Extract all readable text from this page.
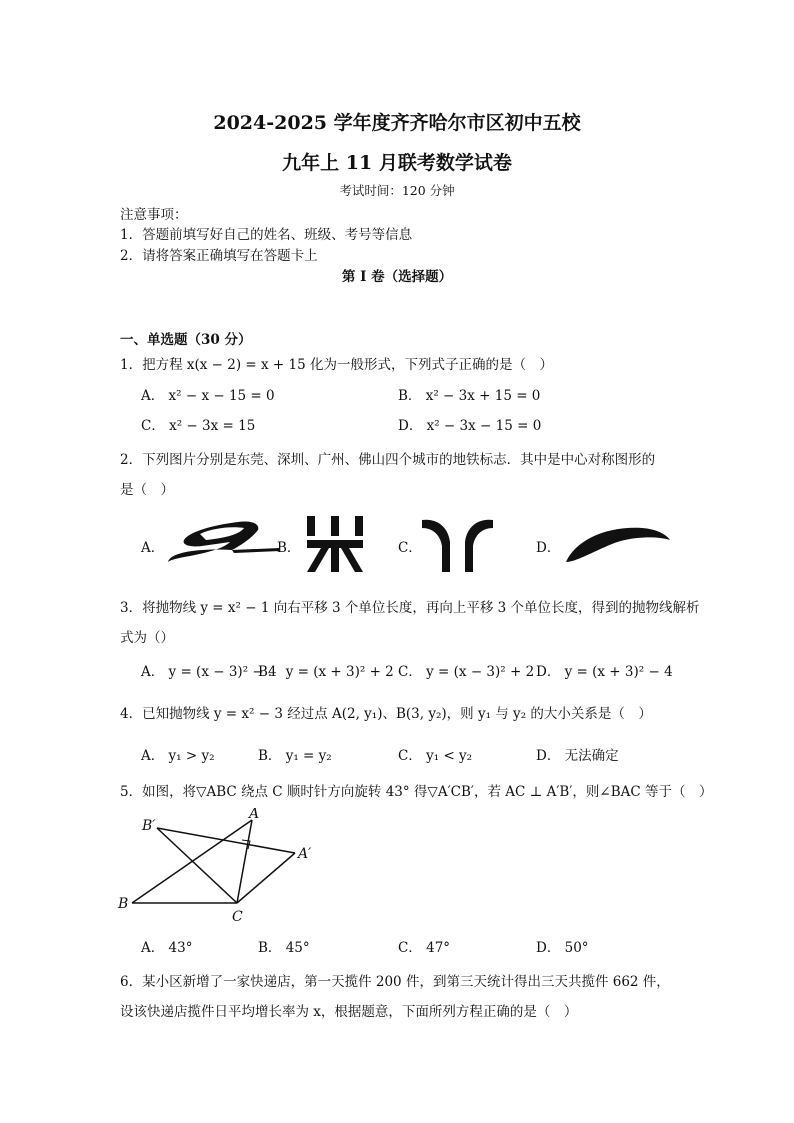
2024-2025 学年度齐齐哈尔市区初中五校
九年上 11 月联考数学试卷
考试时间：120 分钟
注意事项：
1．答题前填写好自己的姓名、班级、考号等信息
2．请将答案正确填写在答题卡上
第 I 卷（选择题）
一、单选题（30 分）
1．把方程 x(x − 2) = x + 15 化为一般形式，下列式子正确的是（　）
A． x² − x − 15 = 0	B． x² − 3x + 15 = 0
C． x² − 3x = 15	D． x² − 3x − 15 = 0
2．下列图片分别是东莞、深圳、广州、佛山四个城市的地铁标志．其中是中心对称图形的
是（　）
A．	B．	C．	D．
3．将抛物线 y = x² − 1 向右平移 3 个单位长度，再向上平移 3 个单位长度，得到的抛物线解析
式为（）
A． y = (x − 3)² − 4
B． y = (x + 3)² + 2 C． y = (x − 3)² + 2 D． y = (x + 3)² − 4
4．已知抛物线 y = x² − 3 经过点 A(2, y₁)、B(3, y₂)，则 y₁ 与 y₂ 的大小关系是（　）
A． y₁ > y₂	B． y₁ = y₂	C． y₁ < y₂	D． 无法确定
5．如图，将▽ABC 绕点 C 顺时针方向旋转 43° 得▽A′CB′，若 AC ⊥ A′B′，则∠BAC 等于（　）
B′
A
A′
B
C
A． 43°	B． 45°	C． 47°	D． 50°
6．某小区新增了一家快递店，第一天揽件 200 件，到第三天统计得出三天共揽件 662 件，
设该快递店揽件日平均增长率为 x，根据题意，下面所列方程正确的是（　）
